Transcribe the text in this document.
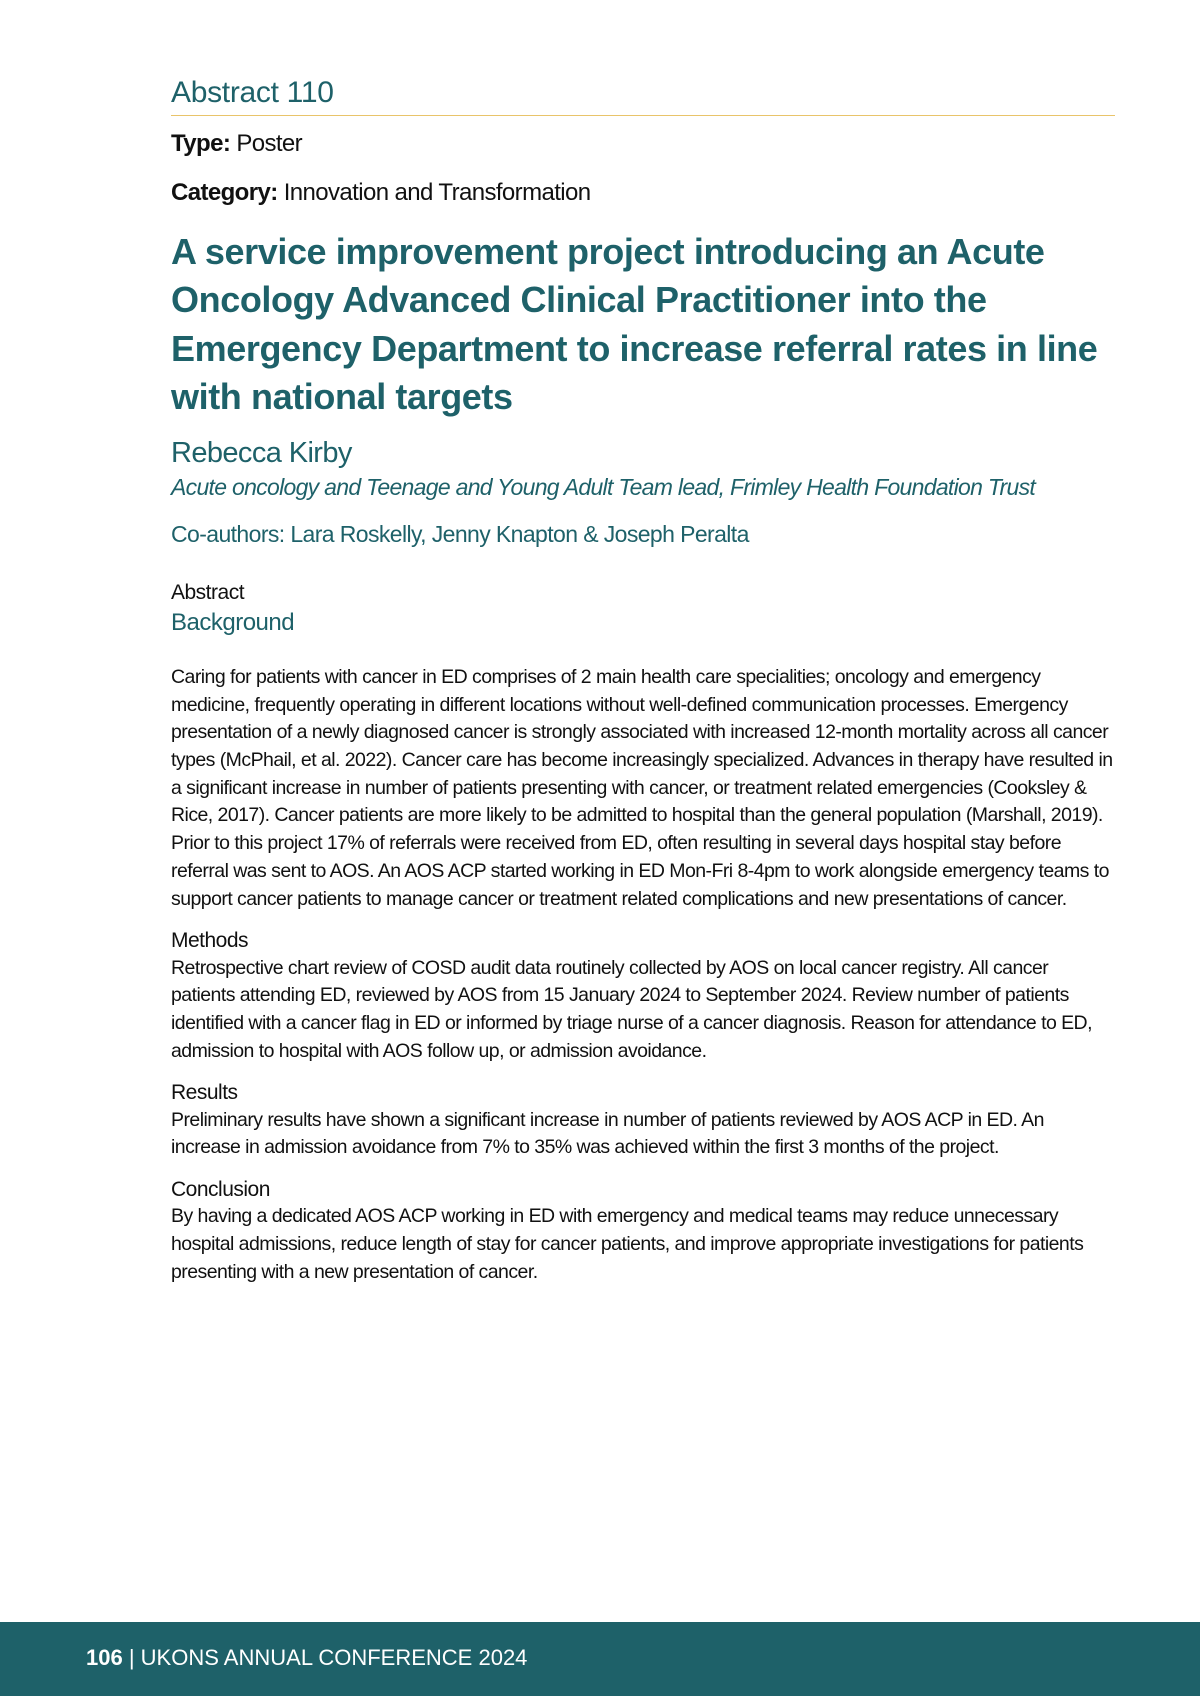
Abstract 110
Type: Poster
Category: Innovation and Transformation
A service improvement project introducing an Acute Oncology Advanced Clinical Practitioner into the Emergency Department to increase referral rates in line with national targets
Rebecca Kirby
Acute oncology and Teenage and Young Adult Team lead, Frimley Health Foundation Trust
Co-authors: Lara Roskelly, Jenny Knapton & Joseph Peralta
Abstract
Background
Caring for patients with cancer in ED comprises of 2 main health care specialities; oncology and emergency medicine, frequently operating in different locations without well-defined communication processes. Emergency presentation of a newly diagnosed cancer is strongly associated with increased 12-month mortality across all cancer types (McPhail, et al. 2022). Cancer care has become increasingly specialized. Advances in therapy have resulted in a significant increase in number of patients presenting with cancer, or treatment related emergencies (Cooksley & Rice, 2017). Cancer patients are more likely to be admitted to hospital than the general population (Marshall, 2019). Prior to this project 17% of referrals were received from ED, often resulting in several days hospital stay before referral was sent to AOS. An AOS ACP started working in ED Mon-Fri 8-4pm to work alongside emergency teams to support cancer patients to manage cancer or treatment related complications and new presentations of cancer.
Methods
Retrospective chart review of COSD audit data routinely collected by AOS on local cancer registry. All cancer patients attending ED, reviewed by AOS from 15 January 2024 to September 2024. Review number of patients identified with a cancer flag in ED or informed by triage nurse of a cancer diagnosis. Reason for attendance to ED, admission to hospital with AOS follow up, or admission avoidance.
Results
Preliminary results have shown a significant increase in number of patients reviewed by AOS ACP in ED. An increase in admission avoidance from 7% to 35% was achieved within the first 3 months of the project.
Conclusion
By having a dedicated AOS ACP working in ED with emergency and medical teams may reduce unnecessary hospital admissions, reduce length of stay for cancer patients, and improve appropriate investigations for patients presenting with a new presentation of cancer.
106 | UKONS ANNUAL CONFERENCE 2024
